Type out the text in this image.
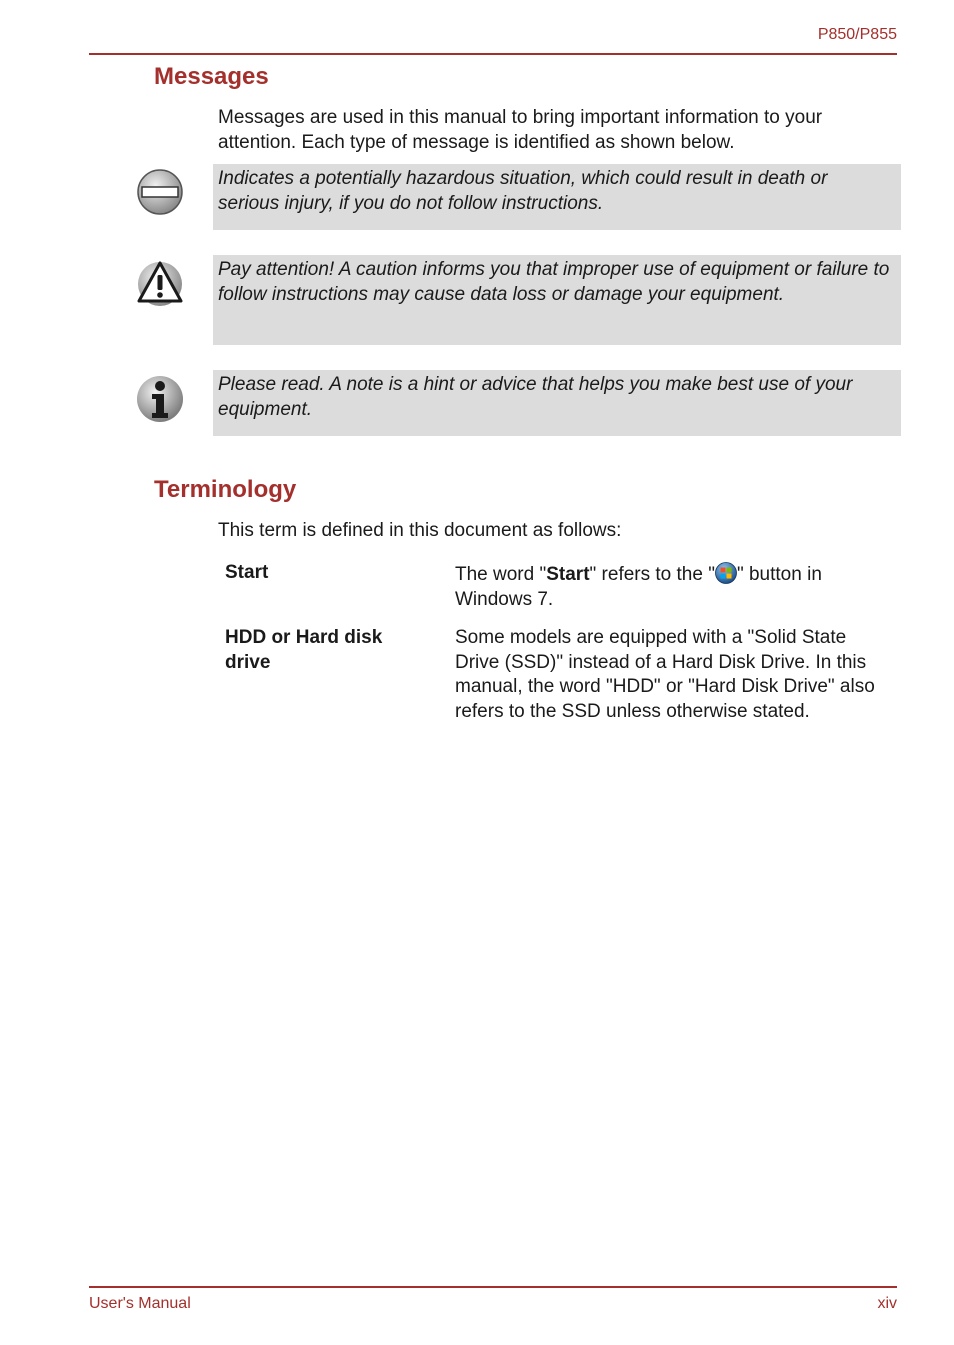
P850/P855
Messages
Messages are used in this manual to bring important information to your attention. Each type of message is identified as shown below.
Indicates a potentially hazardous situation, which could result in death or serious injury, if you do not follow instructions.
Pay attention! A caution informs you that improper use of equipment or failure to follow instructions may cause data loss or damage your equipment.
Please read. A note is a hint or advice that helps you make best use of your equipment.
Terminology
This term is defined in this document as follows:
Start	The word "Start" refers to the " " button in Windows 7.
HDD or Hard disk drive
Some models are equipped with a "Solid State Drive (SSD)" instead of a Hard Disk Drive. In this manual, the word "HDD" or "Hard Disk Drive" also refers to the SSD unless otherwise stated.
User's Manual	xiv
